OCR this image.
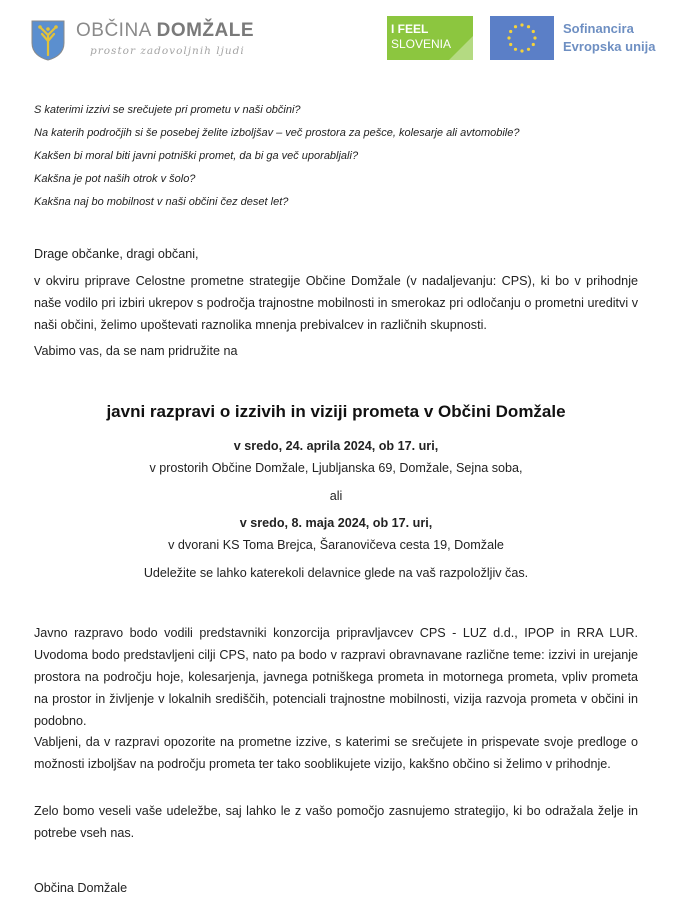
OBČINA DOMŽALE
prostor zadovoljnih ljudi
I FEEL
SLOVENIA
Sofinancira
Evropska unija
S katerimi izzivi se srečujete pri prometu v naši občini?
Na katerih področjih si še posebej želite izboljšav – več prostora za pešce, kolesarje ali avtomobile?
Kakšen bi moral biti javni potniški promet, da bi ga več uporabljali?
Kakšna je pot naših otrok v šolo?
Kakšna naj bo mobilnost v naši občini čez deset let?
Drage občanke, dragi občani,
v okviru priprave Celostne prometne strategije Občine Domžale (v nadaljevanju: CPS), ki bo v prihodnje naše vodilo pri izbiri ukrepov s področja trajnostne mobilnosti in smerokaz pri odločanju o prometni ureditvi v naši občini, želimo upoštevati raznolika mnenja prebivalcev in različnih skupnosti.
Vabimo vas, da se nam pridružite na
javni razpravi o izzivih in viziji prometa v Občini Domžale
v sredo, 24. aprila 2024, ob 17. uri,
v prostorih Občine Domžale, Ljubljanska 69, Domžale, Sejna soba,
ali
v sredo, 8. maja 2024, ob 17. uri,
v dvorani KS Toma Brejca, Šaranovičeva cesta 19, Domžale
Udeležite se lahko katerekoli delavnice glede na vaš razpoložljiv čas.
Javno razpravo bodo vodili predstavniki konzorcija pripravljavcev CPS - LUZ d.d., IPOP in RRA LUR. Uvodoma bodo predstavljeni cilji CPS, nato pa bodo v razpravi obravnavane različne teme: izzivi in urejanje prostora na področju hoje, kolesarjenja, javnega potniškega prometa in motornega prometa, vpliv prometa na prostor in življenje v lokalnih središčih, potenciali trajnostne mobilnosti, vizija razvoja prometa v občini in podobno.
Vabljeni, da v razpravi opozorite na prometne izzive, s katerimi se srečujete in prispevate svoje predloge o možnosti izboljšav na področju prometa ter tako sooblikujete vizijo, kakšno občino si želimo v prihodnje.
Zelo bomo veseli vaše udeležbe, saj lahko le z vašo pomočjo zasnujemo strategijo, ki bo odražala želje in potrebe vseh nas.
Občina Domžale
